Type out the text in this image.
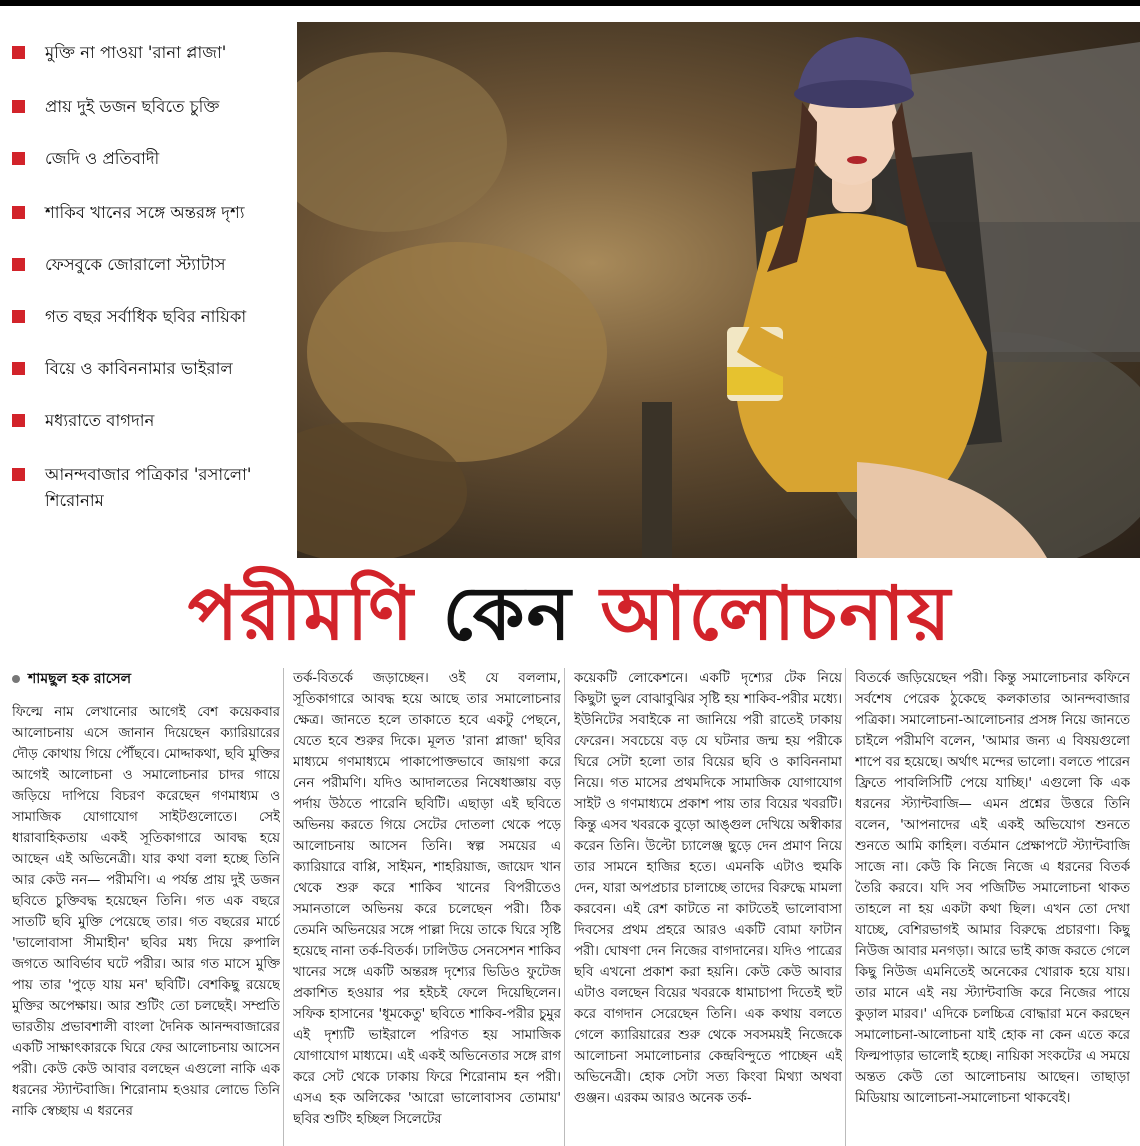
মুক্তি না পাওয়া 'রানা প্লাজা'
প্রায় দুই ডজন ছবিতে চুক্তি
জেদি ও প্রতিবাদী
শাকিব খানের সঙ্গে অন্তরঙ্গ দৃশ্য
ফেসবুকে জোরালো স্ট্যাটাস
গত বছর সর্বাধিক ছবির নায়িকা
বিয়ে ও কাবিননামার ভাইরাল
মধ্যরাতে বাগদান
আনন্দবাজার পত্রিকার 'রসালো' শিরোনাম
পরীমণি কেন আলোচনায়
শামছুল হক রাসেল

ফিল্মে নাম লেখানোর আগেই বেশ কয়েকবার আলোচনায় এসে জানান দিয়েছেন ক্যারিয়ারের দৌড় কোথায় গিয়ে পৌঁছবে। মোদ্দাকথা, ছবি মুক্তির আগেই আলোচনা ও সমালোচনার চাদর গায়ে জড়িয়ে দাপিয়ে বিচরণ করেছেন গণমাধ্যম ও সামাজিক যোগাযোগ সাইটগুলোতে। সেই ধারাবাহিকতায় একই সূতিকাগারে আবদ্ধ হয়ে আছেন এই অভিনেত্রী। যার কথা বলা হচ্ছে তিনি আর কেউ নন— পরীমণি। এ পর্যন্ত প্রায় দুই ডজন ছবিতে চুক্তিবদ্ধ হয়েছেন তিনি। গত এক বছরে সাতটি ছবি মুক্তি পেয়েছে তার। গত বছরের মার্চে 'ভালোবাসা সীমাহীন' ছবির মধ্য দিয়ে রুপালি জগতে আবির্ভাব ঘটে পরীর। আর গত মাসে মুক্তি পায় তার 'পুড়ে যায় মন' ছবিটি। বেশকিছু রয়েছে মুক্তির অপেক্ষায়। আর শুটিং তো চলছেই। সম্প্রতি ভারতীয় প্রভাবশালী বাংলা দৈনিক আনন্দবাজারের একটি সাক্ষাৎকারকে ঘিরে ফের আলোচনায় আসেন পরী। কেউ কেউ আবার বলছেন এগুলো নাকি এক ধরনের স্ট্যান্টবাজি। শিরোনাম হওয়ার লোভে তিনি নাকি স্বেচ্ছায় এ ধরনের

তর্ক-বিতর্কে জড়াচ্ছেন। ওই যে বললাম, সূতিকাগারে আবদ্ধ হয়ে আছে তার সমালোচনার ক্ষেত্র। জানতে হলে তাকাতে হবে একটু পেছনে, যেতে হবে শুরুর দিকে। মূলত 'রানা প্লাজা' ছবির মাধ্যমে গণমাধ্যমে পাকাপোক্তভাবে জায়গা করে নেন পরীমণি। যদিও আদালতের নিষেধাজ্ঞায় বড় পর্দায় উঠতে পারেনি ছবিটি। এছাড়া এই ছবিতে অভিনয় করতে গিয়ে সেটের দোতলা থেকে পড়ে আলোচনায় আসেন তিনি। স্বল্প সময়ের এ ক্যারিয়ারে বাপ্পি, সাইমন, শাহরিয়াজ, জায়েদ খান থেকে শুরু করে শাকিব খানের বিপরীতেও সমানতালে অভিনয় করে চলেছেন পরী। ঠিক তেমনি অভিনয়ের সঙ্গে পাল্লা দিয়ে তাকে ঘিরে সৃষ্টি হয়েছে নানা তর্ক-বিতর্ক। ঢালিউড সেনসেশন শাকিব খানের সঙ্গে একটি অন্তরঙ্গ দৃশ্যের ভিডিও ফুটেজ প্রকাশিত হওয়ার পর হইচই ফেলে দিয়েছিলেন। সফিক হাসানের 'ধূমকেতু' ছবিতে শাকিব-পরীর চুমুর এই দৃশ্যটি ভাইরালে পরিণত হয় সামাজিক যোগাযোগ মাধ্যমে। এই একই অভিনেতার সঙ্গে রাগ করে সেট থেকে ঢাকায় ফিরে শিরোনাম হন পরী। এসএ হক অলিকের 'আরো ভালোবাসব তোমায়' ছবির শুটিং হচ্ছিল সিলেটের

কয়েকটি লোকেশনে। একটি দৃশ্যের টেক নিয়ে কিছুটা ভুল বোঝাবুঝির সৃষ্টি হয় শাকিব-পরীর মধ্যে। ইউনিটের সবাইকে না জানিয়ে পরী রাতেই ঢাকায় ফেরেন। সবচেয়ে বড় যে ঘটনার জন্ম হয় পরীকে ঘিরে সেটা হলো তার বিয়ের ছবি ও কাবিননামা নিয়ে। গত মাসের প্রথমদিকে সামাজিক যোগাযোগ সাইট ও গণমাধ্যমে প্রকাশ পায় তার বিয়ের খবরটি। কিন্তু এসব খবরকে বুড়ো আঙ্গুল দেখিয়ে অস্বীকার করেন তিনি। উল্টো চ্যালেঞ্জ ছুড়ে দেন প্রমাণ নিয়ে তার সামনে হাজির হতে। এমনকি এটাও হুমকি দেন, যারা অপপ্রচার চালাচ্ছে তাদের বিরুদ্ধে মামলা করবেন। এই রেশ কাটতে না কাটতেই ভালোবাসা দিবসের প্রথম প্রহরে আরও একটি বোমা ফাটান পরী। ঘোষণা দেন নিজের বাগদানের। যদিও পাত্রের ছবি এখনো প্রকাশ করা হয়নি। কেউ কেউ আবার এটাও বলছেন বিয়ের খবরকে ধামাচাপা দিতেই হুট করে বাগদান সেরেছেন তিনি। এক কথায় বলতে গেলে ক্যারিয়ারের শুরু থেকে সবসময়ই নিজেকে আলোচনা সমালোচনার কেন্দ্রবিন্দুতে পাচ্ছেন এই অভিনেত্রী। হোক সেটা সত্য কিংবা মিথ্যা অথবা গুঞ্জন। এরকম আরও অনেক তর্ক-

বিতর্কে জড়িয়েছেন পরী। কিন্তু সমালোচনার কফিনে সর্বশেষ পেরেক ঠুকেছে কলকাতার আনন্দবাজার পত্রিকা। সমালোচনা-আলোচনার প্রসঙ্গ নিয়ে জানতে চাইলে পরীমণি বলেন, 'আমার জন্য এ বিষয়গুলো শাপে বর হয়েছে। অর্থাৎ মন্দের ভালো। বলতে পারেন ফ্রিতে পাবলিসিটি পেয়ে যাচ্ছি।' এগুলো কি এক ধরনের স্ট্যান্টবাজি— এমন প্রশ্নের উত্তরে তিনি বলেন, 'আপনাদের এই একই অভিযোগ শুনতে শুনতে আমি কাহিল। বর্তমান প্রেক্ষাপটে স্ট্যান্টবাজি সাজে না। কেউ কি নিজে নিজে এ ধরনের বিতর্ক তৈরি করবে। যদি সব পজিটিভ সমালোচনা থাকত তাহলে না হয় একটা কথা ছিল। এখন তো দেখা যাচ্ছে, বেশিরভাগই আমার বিরুদ্ধে প্রচারণা। কিছু নিউজ আবার মনগড়া। আরে ভাই কাজ করতে গেলে কিছু নিউজ এমনিতেই অনেকের খোরাক হয়ে যায়। তার মানে এই নয় স্ট্যান্টবাজি করে নিজের পায়ে কুড়াল মারব।' এদিকে চলচ্চিত্র বোদ্ধারা মনে করছেন সমালোচনা-আলোচনা যাই হোক না কেন এতে করে ফিল্মপাড়ার ভালোই হচ্ছে। নায়িকা সংকটের এ সময়ে অন্তত কেউ তো আলোচনায় আছেন। তাছাড়া মিডিয়ায় আলোচনা-সমালোচনা থাকবেই।
